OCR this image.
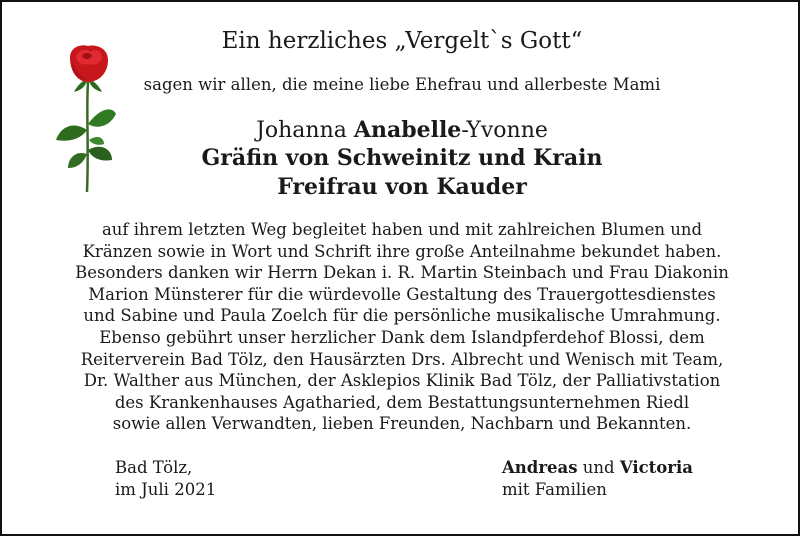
Ein herzliches „Vergelt`s Gott“
sagen wir allen, die meine liebe Ehefrau und allerbeste Mami
Johanna Anabelle-Yvonne
Gräfin von Schweinitz und Krain
Freifrau von Kauder
auf ihrem letzten Weg begleitet haben und mit zahlreichen Blumen und
Kränzen sowie in Wort und Schrift ihre große Anteilnahme bekundet haben.
Besonders danken wir Herrn Dekan i. R. Martin Steinbach und Frau Diakonin
Marion Münsterer für die würdevolle Gestaltung des Trauergottesdienstes
und Sabine und Paula Zoelch für die persönliche musikalische Umrahmung.
Ebenso gebührt unser herzlicher Dank dem Islandpferdehof Blossi, dem
Reiterverein Bad Tölz, den Hausärzten Drs. Albrecht und Wenisch mit Team,
Dr. Walther aus München, der Asklepios Klinik Bad Tölz, der Palliativstation
des Krankenhauses Agatharied, dem Bestattungsunternehmen Riedl
sowie allen Verwandten, lieben Freunden, Nachbarn und Bekannten.
Bad Tölz,
im Juli 2021
Andreas und Victoria
mit Familien
